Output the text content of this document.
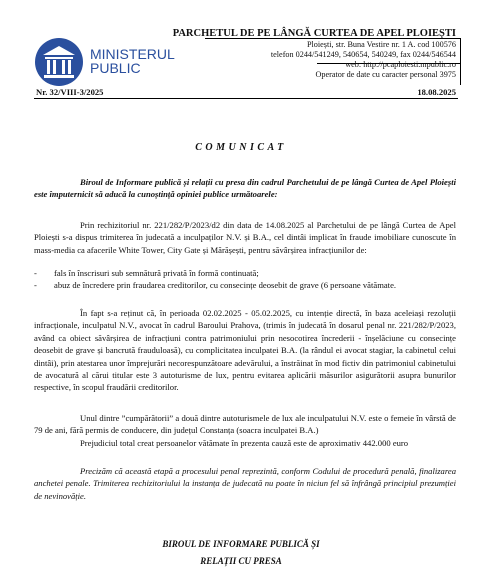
MINISTERUL
PUBLIC
PARCHETUL DE PE LÂNGĂ CURTEA DE APEL PLOIEȘTI
Ploiești, str. Buna Vestire nr. 1 A. cod 100576
telefon 0244/541249, 540654, 540249, fax 0244/546544
web: http://pcaploiesti.mpublic.ro
Operator de date cu caracter personal 3975
Nr. 32/VIII-3/2025	18.08.2025
COMUNICAT
Biroul de Informare publică și relații cu presa din cadrul Parchetului de pe lângă Curtea de Apel Ploiești este împuternicit să aducă la cunoștință opiniei publice următoarele:
Prin rechizitoriul nr. 221/282/P/2023/d2 din data de 14.08.2025 al Parchetului de pe lângă Curtea de Apel Ploiești s-a dispus trimiterea în judecată a inculpaților N.V. și B.A., cel dintâi implicat în fraude imobiliare cunoscute în mass-media ca afacerile White Tower, City Gate și Mărășești, pentru săvârșirea infracțiunilor de:
- fals în înscrisuri sub semnătură privată în formă continuată;
- abuz de încredere prin fraudarea creditorilor, cu consecințe deosebit de grave (6 persoane vătămate.
În fapt s-a reținut că, în perioada 02.02.2025 - 05.02.2025, cu intenție directă, în baza aceleiași rezoluții infracționale, inculpatul N.V., avocat în cadrul Baroului Prahova, (trimis în judecată în dosarul penal nr. 221/282/P/2023, având ca obiect săvârșirea de infracțiuni contra patrimoniului prin nesocotirea încrederii - înșelăciune cu consecințe deosebit de grave și bancrută frauduloasă), cu complicitatea inculpatei B.A. (la rândul ei avocat stagiar, la cabinetul celui dintâi), prin atestarea unor împrejurări necorespunzătoare adevărului, a înstrăinat în mod fictiv din patrimoniul cabinetului de avocatură al cărui titular este 3 autoturisme de lux, pentru evitarea aplicării măsurilor asigurătorii asupra bunurilor respective, în scopul fraudării creditorilor.
Unul dintre ”cumpărătorii” a două dintre autoturismele de lux ale inculpatului N.V. este o femeie în vârstă de 79 de ani, fără permis de conducere, din județul Constanța (soacra inculpatei B.A.)
Prejudiciul total creat persoanelor vătămate în prezenta cauză este de aproximativ 442.000 euro
Precizăm că această etapă a procesului penal reprezintă, conform Codului de procedură penală, finalizarea anchetei penale. Trimiterea rechizitoriului la instanța de judecată nu poate în niciun fel să înfrângă principiul prezumției de nevinovăție.
BIROUL DE INFORMARE PUBLICĂ ȘI
RELAȚII CU PRESA
